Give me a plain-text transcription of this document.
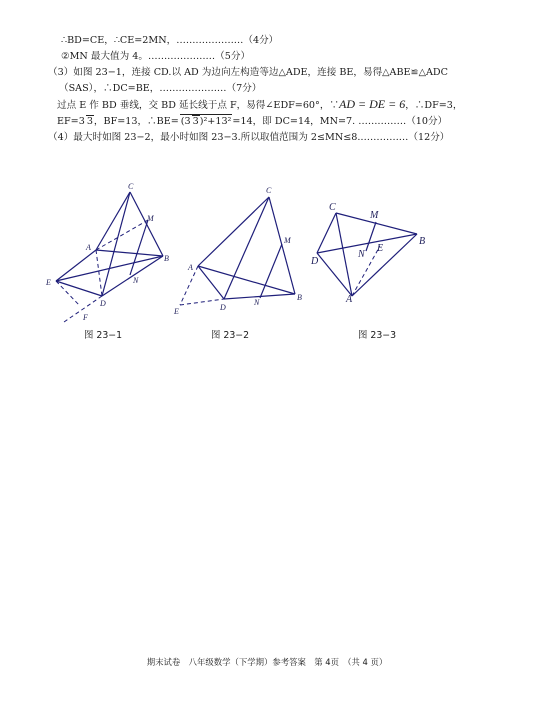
∴BD=CE，∴CE=2MN，…………………（4分）
②MN 最大值为 4。…………………（5分）
（3）如图 23−1，连接 CD.以 AD 为边向左构造等边△ADE，连接 BE，易得△ABE≌△ADC
（SAS），∴DC=BE，…………………（7分）
过点 E 作 BD 垂线，交 BD 延长线于点 F，易得∠EDF=60°，∵AD = DE = 6，∴DF=3，
EF=3 3，BF=13，∴BE= (3 3)²+13²=14，即 DC=14，MN=7. ……………（10分）
（4）最大时如图 23−2，最小时如图 23−3.所以取值范围为 2≤MN≤8.……………（12分）
C
M
A
B
E	N
D
F
图 23−1
C
M
A
D
N
B
E
图 23−2
C
M
B
N
E
D
A
图 23−3
期末试卷　八年级数学（下学期）参考答案　第 4页　（共 4 页）
